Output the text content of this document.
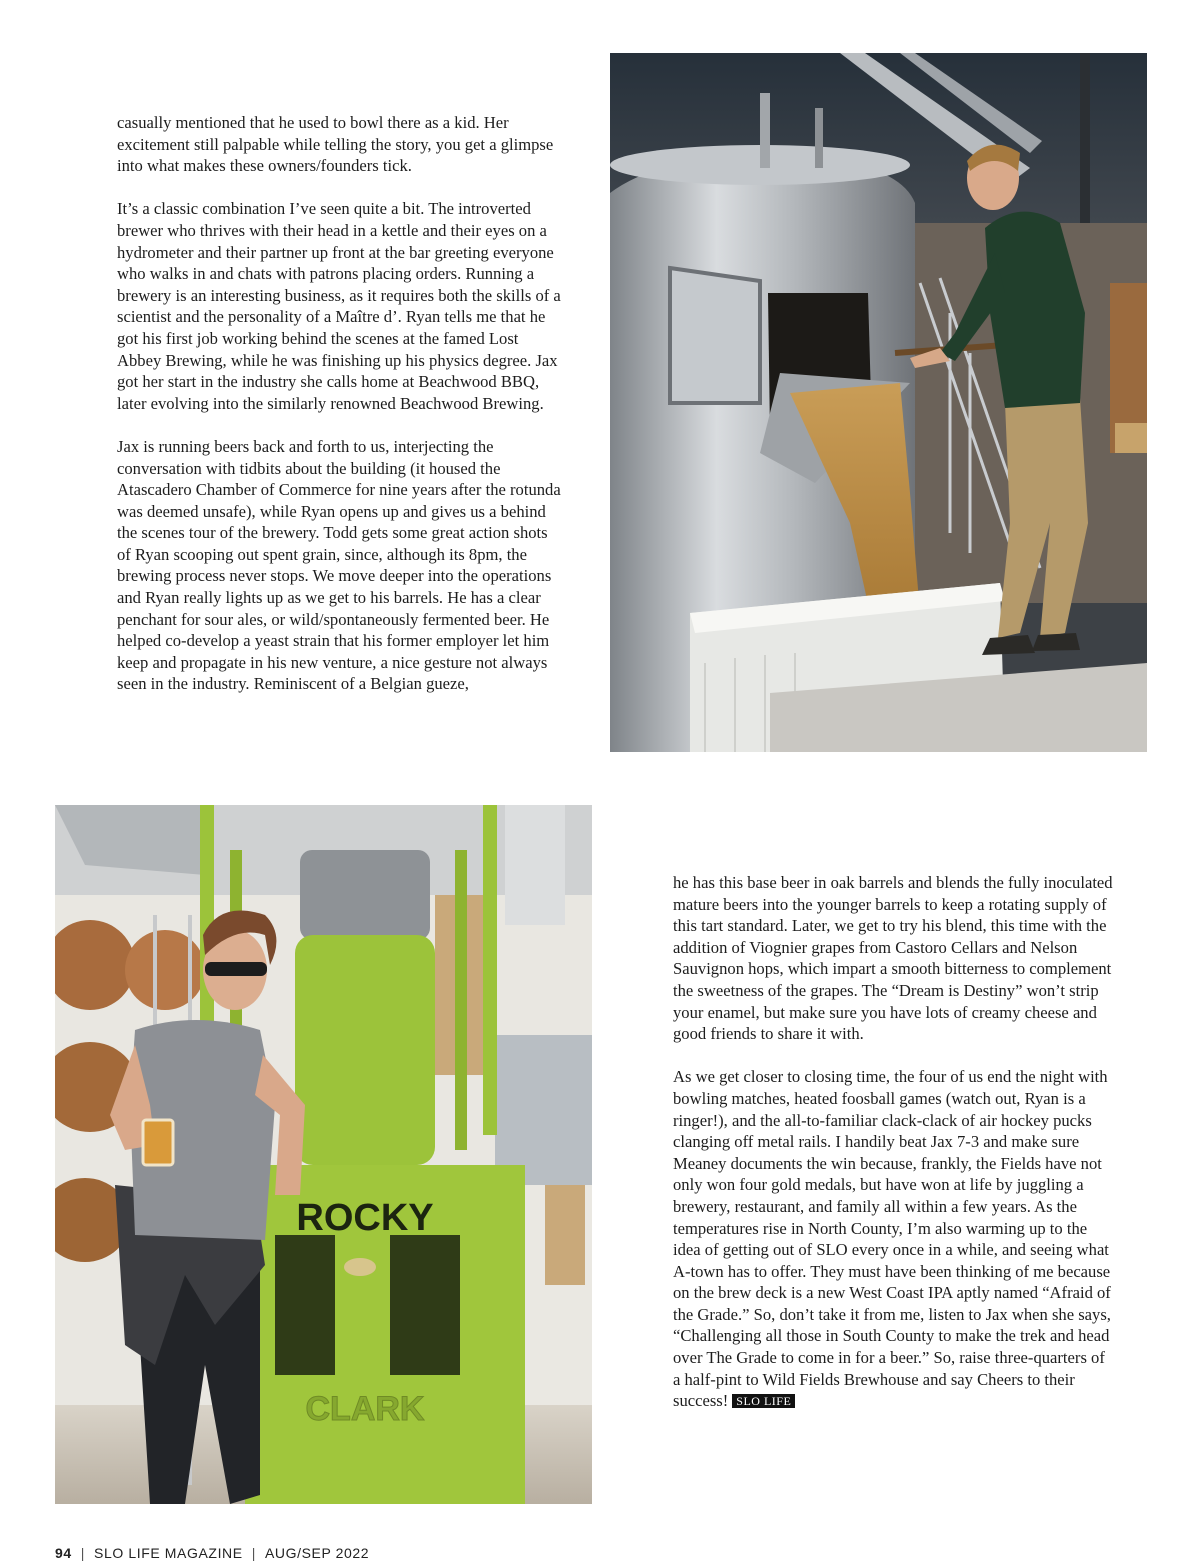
casually mentioned that he used to bowl there as a kid. Her excitement still palpable while telling the story, you get a glimpse into what makes these owners/founders tick.

It’s a classic combination I’ve seen quite a bit. The introverted brewer who thrives with their head in a kettle and their eyes on a hydrometer and their partner up front at the bar greeting everyone who walks in and chats with patrons placing orders. Running a brewery is an interesting business, as it requires both the skills of a scientist and the personality of a Maître d’. Ryan tells me that he got his first job working behind the scenes at the famed Lost Abbey Brewing, while he was finishing up his physics degree. Jax got her start in the industry she calls home at Beachwood BBQ, later evolving into the similarly renowned Beachwood Brewing.

Jax is running beers back and forth to us, interjecting the conversation with tidbits about the building (it housed the Atascadero Chamber of Commerce for nine years after the rotunda was deemed unsafe), while Ryan opens up and gives us a behind the scenes tour of the brewery. Todd gets some great action shots of Ryan scooping out spent grain, since, although its 8pm, the brewing process never stops. We move deeper into the operations and Ryan really lights up as we get to his barrels. He has a clear penchant for sour ales, or wild/spontaneously fermented beer. He helped co-develop a yeast strain that his former employer let him keep and propagate in his new venture, a nice gesture not always seen in the industry. Reminiscent of a Belgian gueze,

ROCKY
CLARK

he has this base beer in oak barrels and blends the fully inoculated mature beers into the younger barrels to keep a rotating supply of this tart standard. Later, we get to try his blend, this time with the addition of Viognier grapes from Castoro Cellars and Nelson Sauvignon hops, which impart a smooth bitterness to complement the sweetness of the grapes. The “Dream is Destiny” won’t strip your enamel, but make sure you have lots of creamy cheese and good friends to share it with.

As we get closer to closing time, the four of us end the night with bowling matches, heated foosball games (watch out, Ryan is a ringer!), and the all-to-familiar clack-clack of air hockey pucks clanging off metal rails. I handily beat Jax 7-3 and make sure Meaney documents the win because, frankly, the Fields have not only won four gold medals, but have won at life by juggling a brewery, restaurant, and family all within a few years. As the temperatures rise in North County, I’m also warming up to the idea of getting out of SLO every once in a while, and seeing what A-town has to offer. They must have been thinking of me because on the brew deck is a new West Coast IPA aptly named “Afraid of the Grade.” So, don’t take it from me, listen to Jax when she says, “Challenging all those in South County to make the trek and head over The Grade to come in for a beer.” So, raise three-quarters of a half-pint to Wild Fields Brewhouse and say Cheers to their success! SLO LIFE

94 | SLO LIFE MAGAZINE | AUG/SEP 2022
